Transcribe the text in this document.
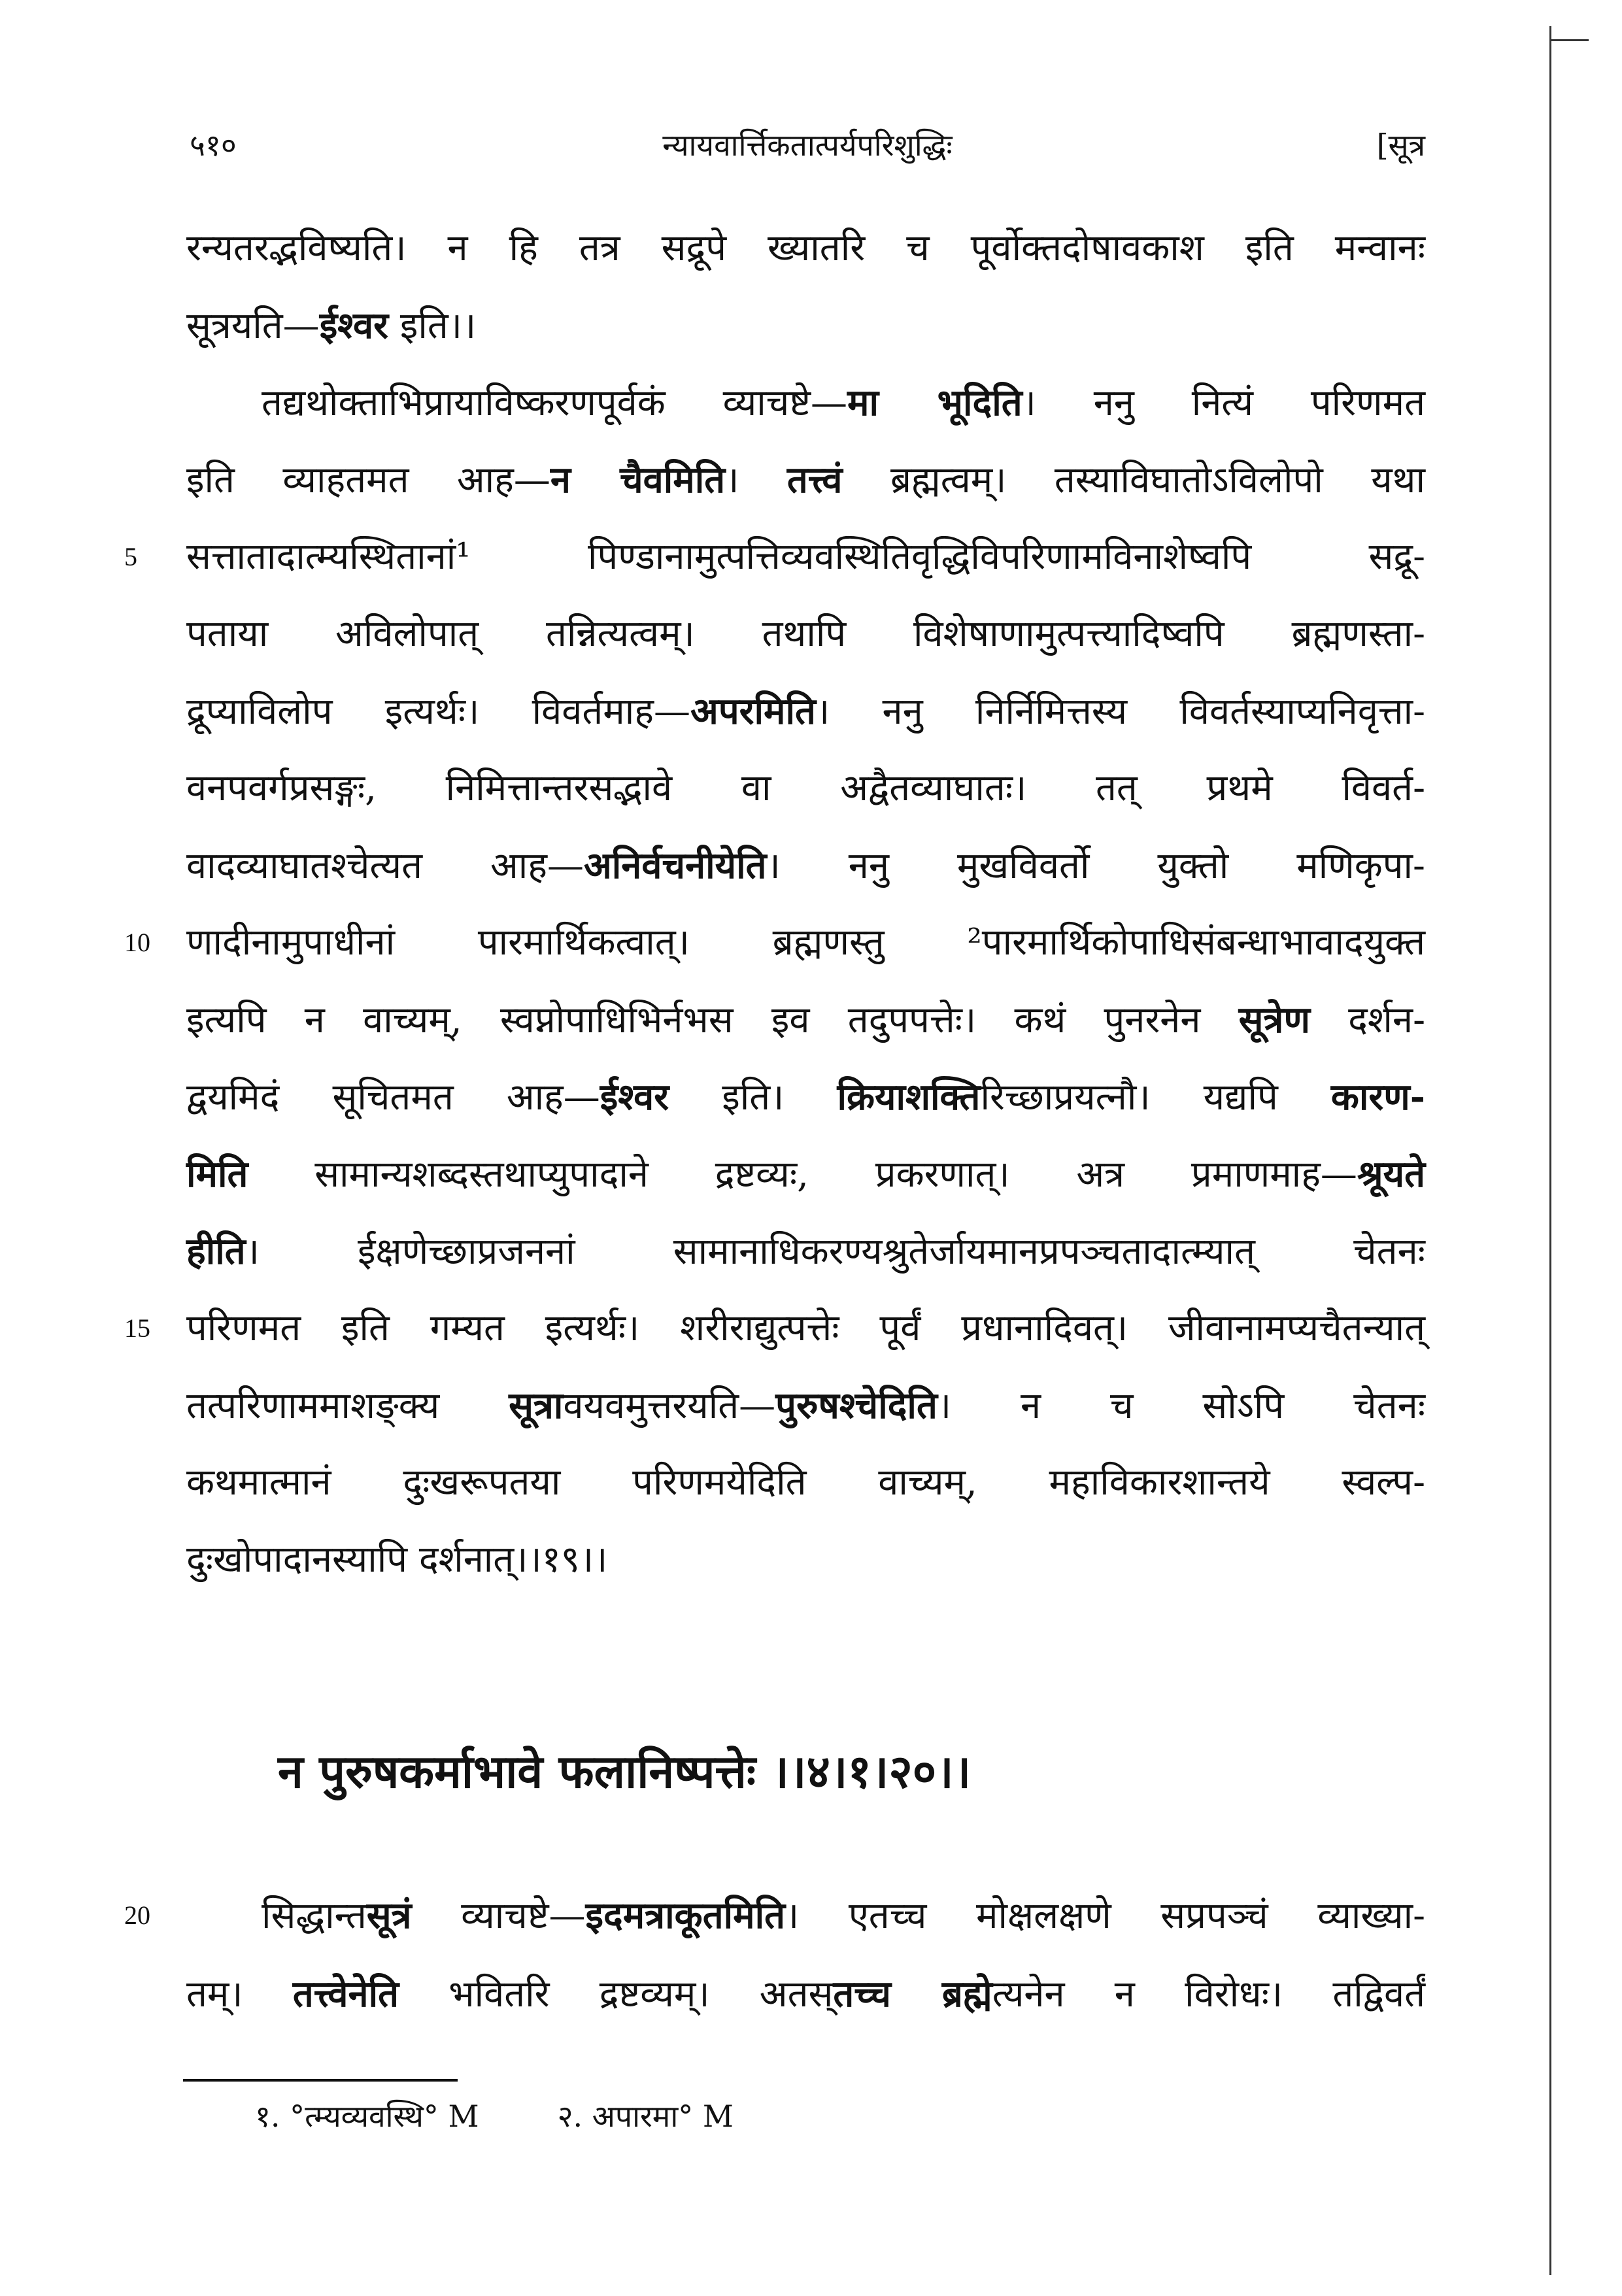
५१०	न्यायवार्त्तिकतात्पर्यपरिशुद्धिः	[सूत्र
रन्यतरद्भविष्यति। न हि तत्र सद्रूपे ख्यातरि च पूर्वोक्तदोषावकाश इति मन्वानः
सूत्रयति—ईश्वर इति।।
तद्यथोक्ताभिप्रायाविष्करणपूर्वकं व्याचष्टे—मा भूदिति। ननु नित्यं परिणमत
इति व्याहतमत आह—न चैवमिति। तत्त्वं ब्रह्मत्वम्। तस्याविघातोऽविलोपो यथा
सत्तातादात्म्यस्थितानां¹ पिण्डानामुत्पत्तिव्यवस्थितिवृद्धिविपरिणामविनाशेष्वपि सद्रू-
5
पताया अविलोपात् तन्नित्यत्वम्। तथापि विशेषाणामुत्पत्त्यादिष्वपि ब्रह्मणस्ता-
द्रूप्याविलोप इत्यर्थः। विवर्तमाह—अपरमिति। ननु निर्निमित्तस्य विवर्तस्याप्यनिवृत्ता-
वनपवर्गप्रसङ्गः, निमित्तान्तरसद्भावे वा अद्वैतव्याघातः। तत् प्रथमे विवर्त-
वादव्याघातश्चेत्यत आह—अनिर्वचनीयेति। ननु मुखविवर्तो युक्तो मणिकृपा-
णादीनामुपाधीनां पारमार्थिकत्वात्। ब्रह्मणस्तु ²पारमार्थिकोपाधिसंबन्धाभावादयुक्त
10
इत्यपि न वाच्यम्, स्वप्नोपाधिभिर्नभस इव तदुपपत्तेः। कथं पुनरनेन सूत्रेण दर्शन-
द्वयमिदं सूचितमत आह—ईश्वर इति। क्रियाशक्तिरिच्छाप्रयत्नौ। यद्यपि कारण-
मिति सामान्यशब्दस्तथाप्युपादाने द्रष्टव्यः, प्रकरणात्। अत्र प्रमाणमाह—श्रूयते
हीति। ईक्षणेच्छाप्रजननां सामानाधिकरण्यश्रुतेर्जायमानप्रपञ्चतादात्म्यात् चेतनः
परिणमत इति गम्यत इत्यर्थः। शरीराद्युत्पत्तेः पूर्वं प्रधानादिवत्। जीवानामप्यचैतन्यात्
15
तत्परिणाममाशङ्क्य सूत्रावयवमुत्तरयति—पुरुषश्चेदिति। न च सोऽपि चेतनः
कथमात्मानं दुःखरूपतया परिणमयेदिति वाच्यम्, महाविकारशान्तये स्वल्प-
दुःखोपादानस्यापि दर्शनात्।।१९।।
सिद्धान्तसूत्रं व्याचष्टे—इदमत्राकूतमिति। एतच्च मोक्षलक्षणे सप्रपञ्चं व्याख्या-
20
तम्। तत्त्वेनेति भवितरि द्रष्टव्यम्। अतस्तच्च ब्रह्मेत्यनेन न विरोधः। तद्विवर्तं
न पुरुषकर्माभावे फलानिष्पत्तेः ।।४।१।२०।।
१. °त्म्यव्यवस्थि° M	२. अपारमा° M
